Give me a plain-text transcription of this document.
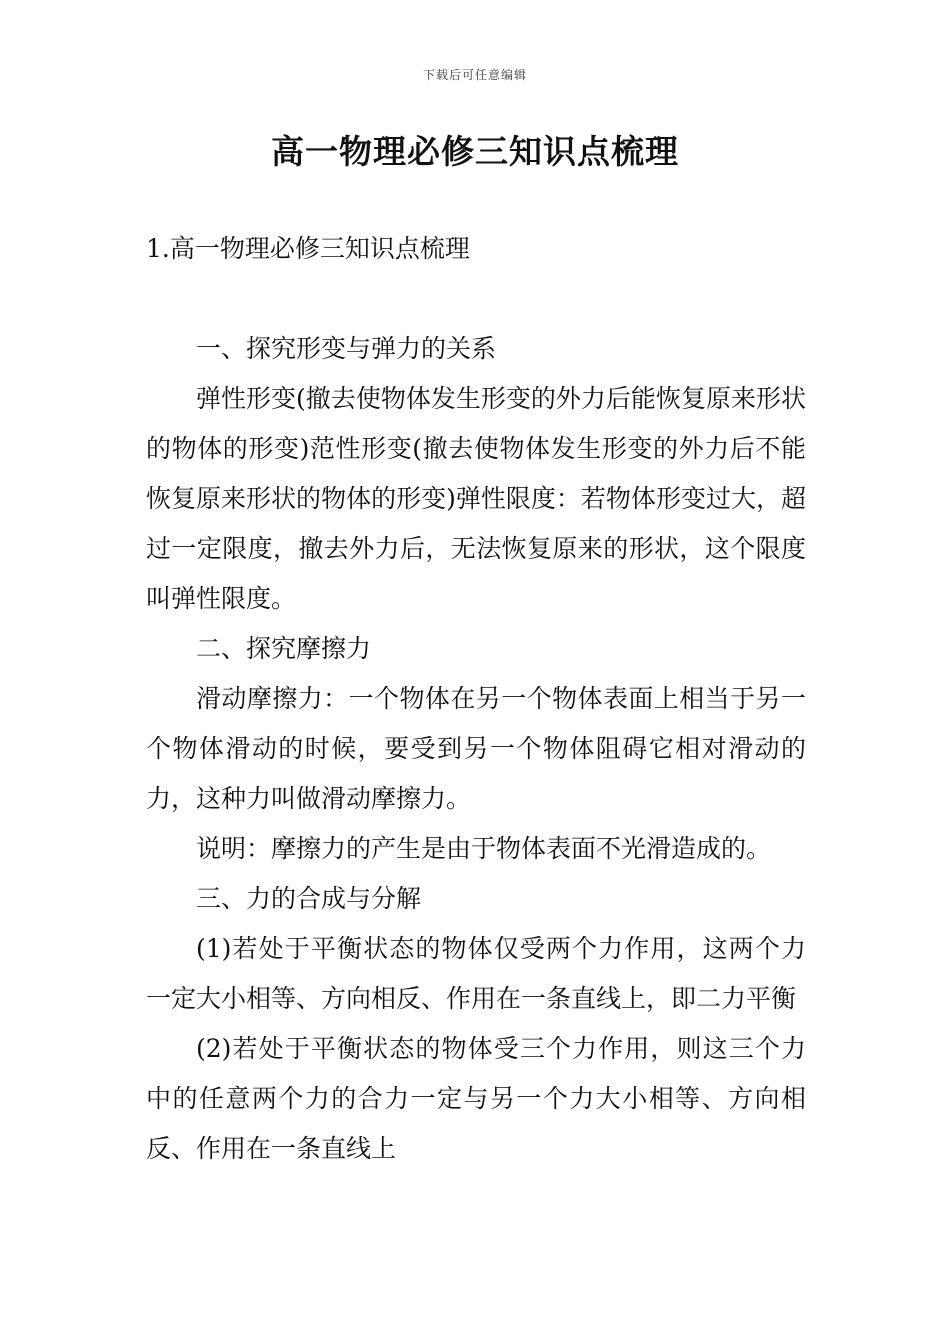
下载后可任意编辑
高一物理必修三知识点梳理

1.高一物理必修三知识点梳理

一、探究形变与弹力的关系

弹性形变(撤去使物体发生形变的外力后能恢复原来形状的物体的形变)范性形变(撤去使物体发生形变的外力后不能恢复原来形状的物体的形变)弹性限度：若物体形变过大，超过一定限度，撤去外力后，无法恢复原来的形状，这个限度叫弹性限度。

二、探究摩擦力

滑动摩擦力：一个物体在另一个物体表面上相当于另一个物体滑动的时候，要受到另一个物体阻碍它相对滑动的力，这种力叫做滑动摩擦力。

说明：摩擦力的产生是由于物体表面不光滑造成的。

三、力的合成与分解

(1)若处于平衡状态的物体仅受两个力作用，这两个力一定大小相等、方向相反、作用在一条直线上，即二力平衡

(2)若处于平衡状态的物体受三个力作用，则这三个力中的任意两个力的合力一定与另一个力大小相等、方向相反、作用在一条直线上
